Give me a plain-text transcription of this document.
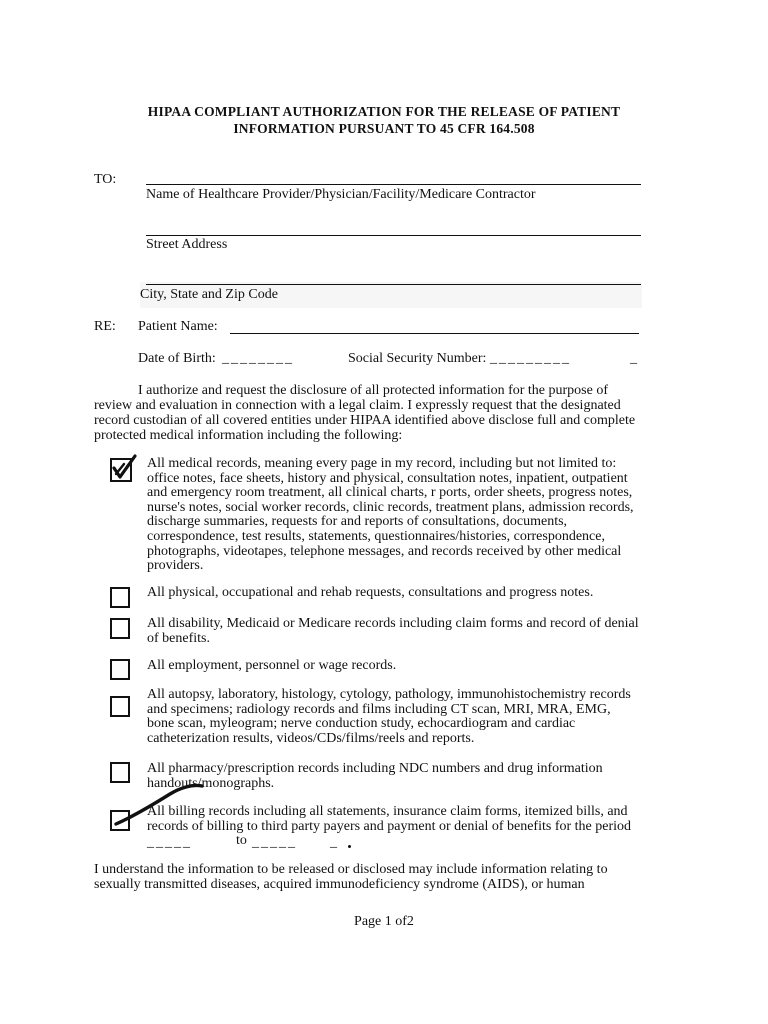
HIPAA COMPLIANT AUTHORIZATION FOR THE RELEASE OF PATIENT
INFORMATION PURSUANT TO 45 CFR 164.508
TO:
Name of Healthcare Provider/Physician/Facility/Medicare Contractor
Street Address
City, State and Zip Code
RE: Patient Name:
Date of Birth: ________	Social Security Number: _________	_
I authorize and request the disclosure of all protected information for the purpose of
review and evaluation in connection with a legal claim. I expressly request that the designated
record custodian of all covered entities under HIPAA identified above disclose full and complete
protected medical information including the following:
All medical records, meaning every page in my record, including but not limited to:
office notes, face sheets, history and physical, consultation notes, inpatient, outpatient
and emergency room treatment, all clinical charts, r ports, order sheets, progress notes,
nurse's notes, social worker records, clinic records, treatment plans, admission records,
discharge summaries, requests for and reports of consultations, documents,
correspondence, test results, statements, questionnaires/histories, correspondence,
photographs, videotapes, telephone messages, and records received by other medical
providers.
All physical, occupational and rehab requests, consultations and progress notes.
All disability, Medicaid or Medicare records including claim forms and record of denial
of benefits.
All employment, personnel or wage records.
All autopsy, laboratory, histology, cytology, pathology, immunohistochemistry records
and specimens; radiology records and films including CT scan, MRI, MRA, EMG,
bone scan, myleogram; nerve conduction study, echocardiogram and cardiac
catheterization results, videos/CDs/films/reels and reports.
All pharmacy/prescription records including NDC numbers and drug information
handouts/monographs.
All billing records including all statements, insurance claim forms, itemized bills, and
records of billing to third party payers and payment or denial of benefits for the period
_____	to _____ _
I understand the information to be released or disclosed may include information relating to
sexually transmitted diseases, acquired immunodeficiency syndrome (AIDS), or human
Page 1 of2
